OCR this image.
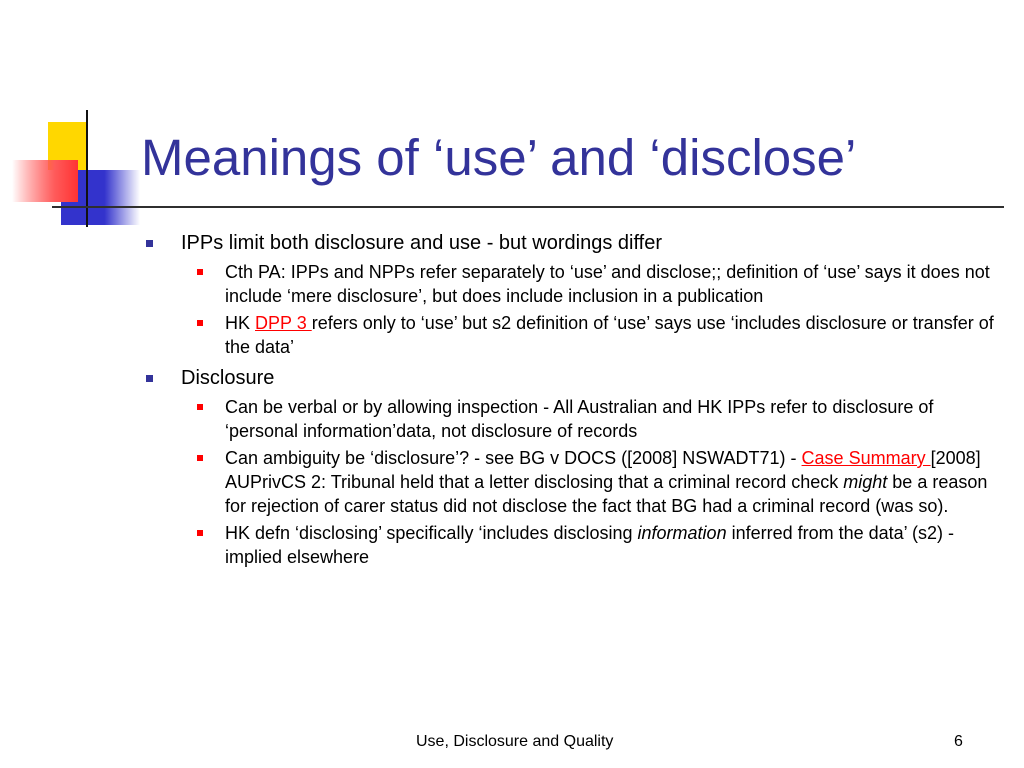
Meanings of ‘use’ and ‘disclose’
IPPs limit both disclosure and use - but wordings differ
Cth PA: IPPs and NPPs refer separately to ‘use’ and disclose;; definition of ‘use’ says it does not include ‘mere disclosure’, but does include inclusion in a publication
HK DPP 3 refers only to ‘use’ but s2 definition of ‘use’ says use ‘includes disclosure or transfer of the data’
Disclosure
Can be verbal or by allowing inspection - All Australian and HK IPPs refer to disclosure of ‘personal information’data, not disclosure of records
Can ambiguity be ‘disclosure’? - see BG v DOCS ([2008] NSWADT71) - Case Summary [2008] AUPrivCS 2: Tribunal held that a letter disclosing that a criminal record check might be a reason for rejection of carer status did not disclose the fact that BG had a criminal record (was so).
HK defn ‘disclosing’ specifically ‘includes disclosing information inferred from the data’ (s2) - implied elsewhere
Use, Disclosure and Quality	6
